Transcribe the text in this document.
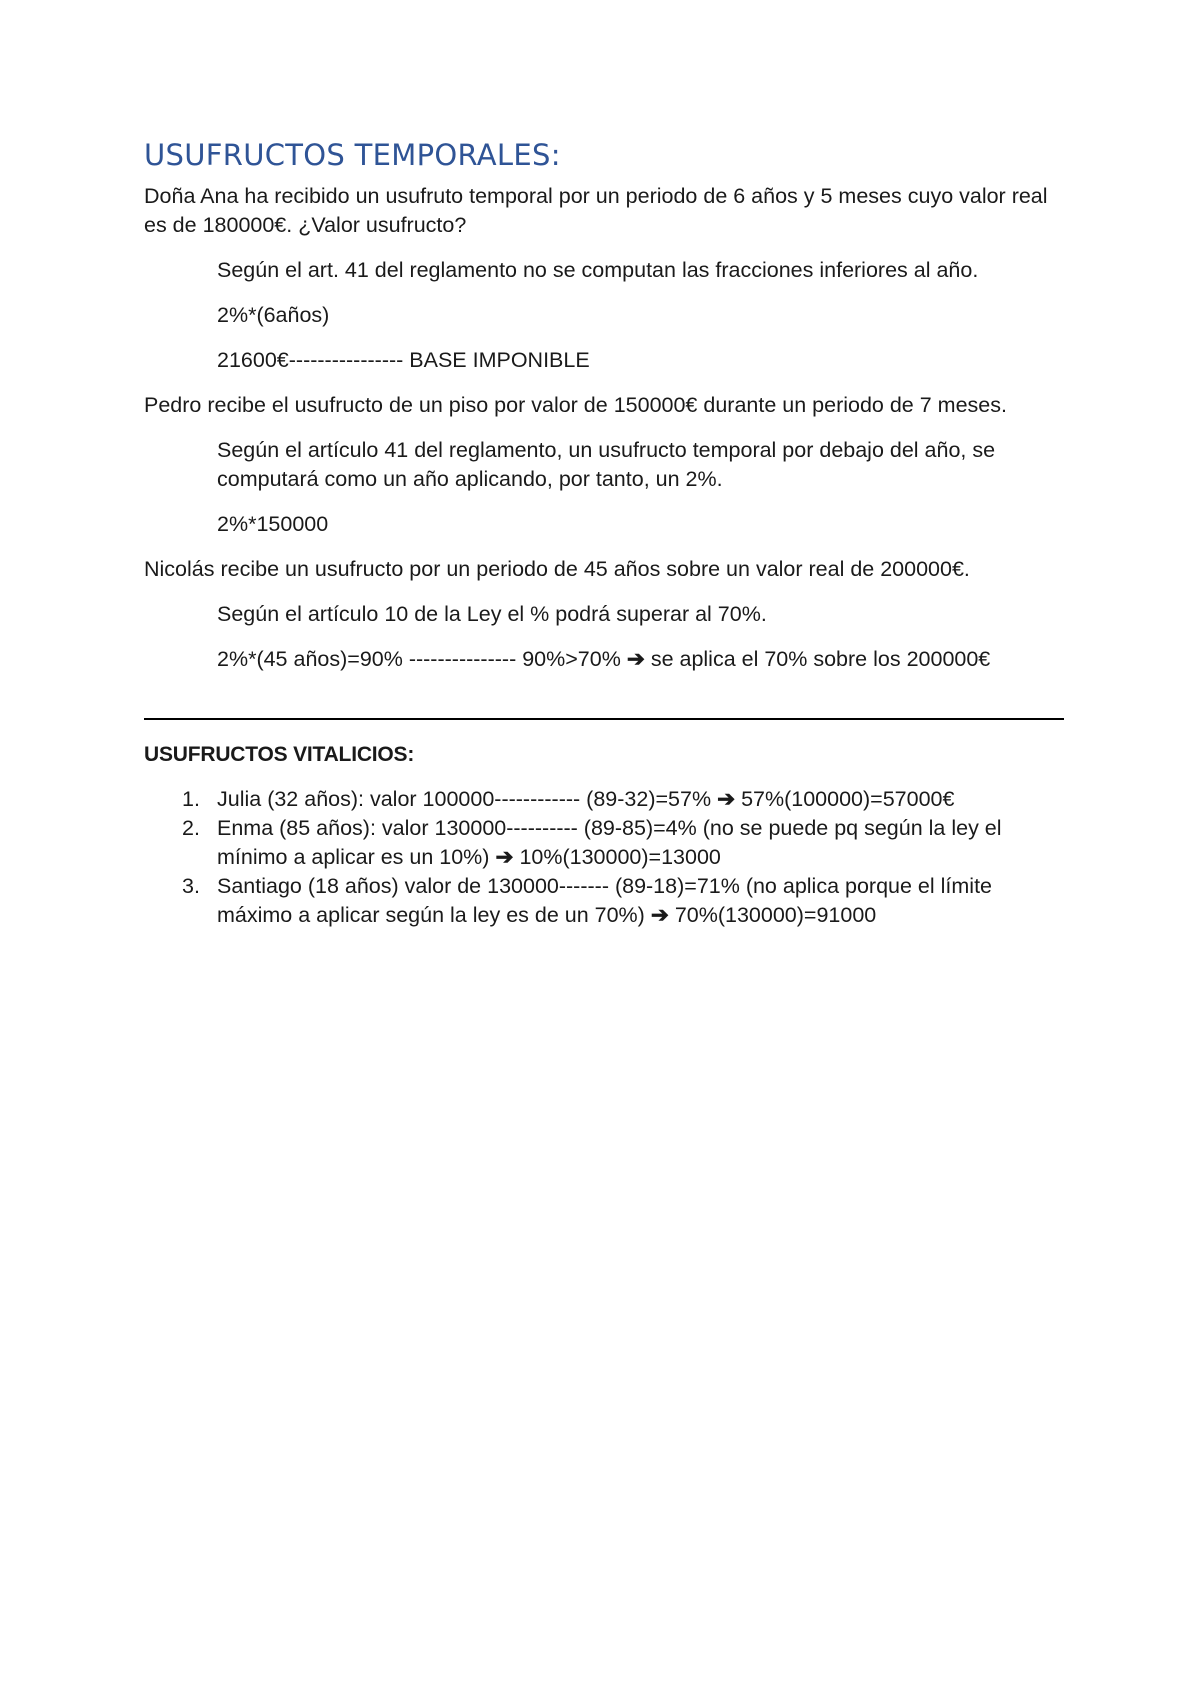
USUFRUCTOS TEMPORALES:

Doña Ana ha recibido un usufruto temporal por un periodo de 6 años y 5 meses cuyo valor real es de 180000€. ¿Valor usufructo?

Según el art. 41 del reglamento no se computan las fracciones inferiores al año.

2%*(6años)

21600€---------------- BASE IMPONIBLE

Pedro recibe el usufructo de un piso por valor de 150000€ durante un periodo de 7 meses.

Según el artículo 41 del reglamento, un usufructo temporal por debajo del año, se computará como un año aplicando, por tanto, un 2%.

2%*150000

Nicolás recibe un usufructo por un periodo de 45 años sobre un valor real de 200000€.

Según el artículo 10 de la Ley el % podrá superar al 70%.

2%*(45 años)=90% --------------- 90%>70% ➔ se aplica el 70% sobre los 200000€

USUFRUCTOS VITALICIOS:

1. Julia (32 años): valor 100000------------ (89-32)=57% ➔ 57%(100000)=57000€
2. Enma (85 años): valor 130000---------- (89-85)=4% (no se puede pq según la ley el mínimo a aplicar es un 10%) ➔ 10%(130000)=13000
3. Santiago (18 años) valor de 130000------- (89-18)=71% (no aplica porque el límite máximo a aplicar según la ley es de un 70%) ➔ 70%(130000)=91000
